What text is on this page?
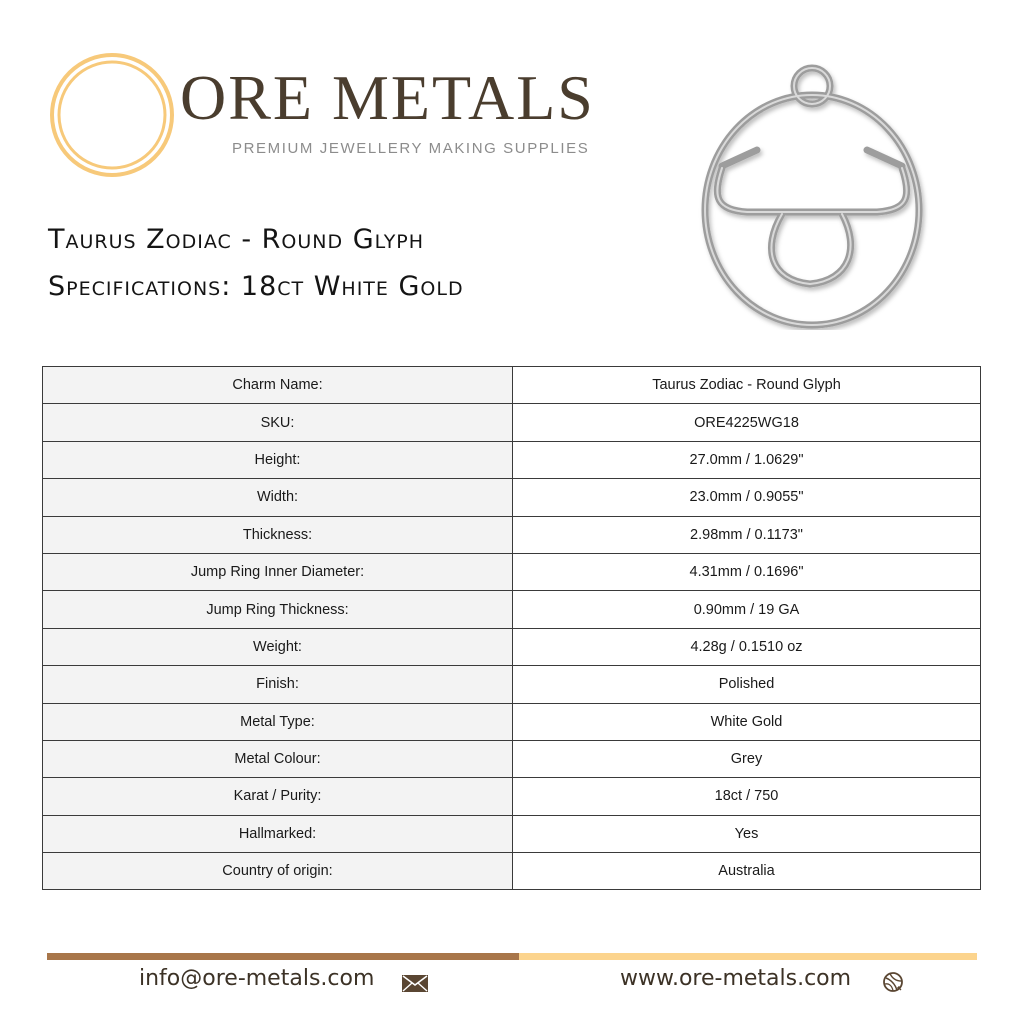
ORE METALS
PREMIUM JEWELLERY MAKING SUPPLIES
Taurus Zodiac - Round Glyph
Specifications: 18ct White Gold
Charm Name:	Taurus Zodiac - Round Glyph
SKU:	ORE4225WG18
Height:	27.0mm / 1.0629"
Width:	23.0mm / 0.9055"
Thickness:	2.98mm / 0.1173"
Jump Ring Inner Diameter:	4.31mm / 0.1696"
Jump Ring Thickness:	0.90mm / 19 GA
Weight:	4.28g / 0.1510 oz
Finish:	Polished
Metal Type:	White Gold
Metal Colour:	Grey
Karat / Purity:	18ct / 750
Hallmarked:	Yes
Country of origin:	Australia
info@ore-metals.com	www.ore-metals.com
